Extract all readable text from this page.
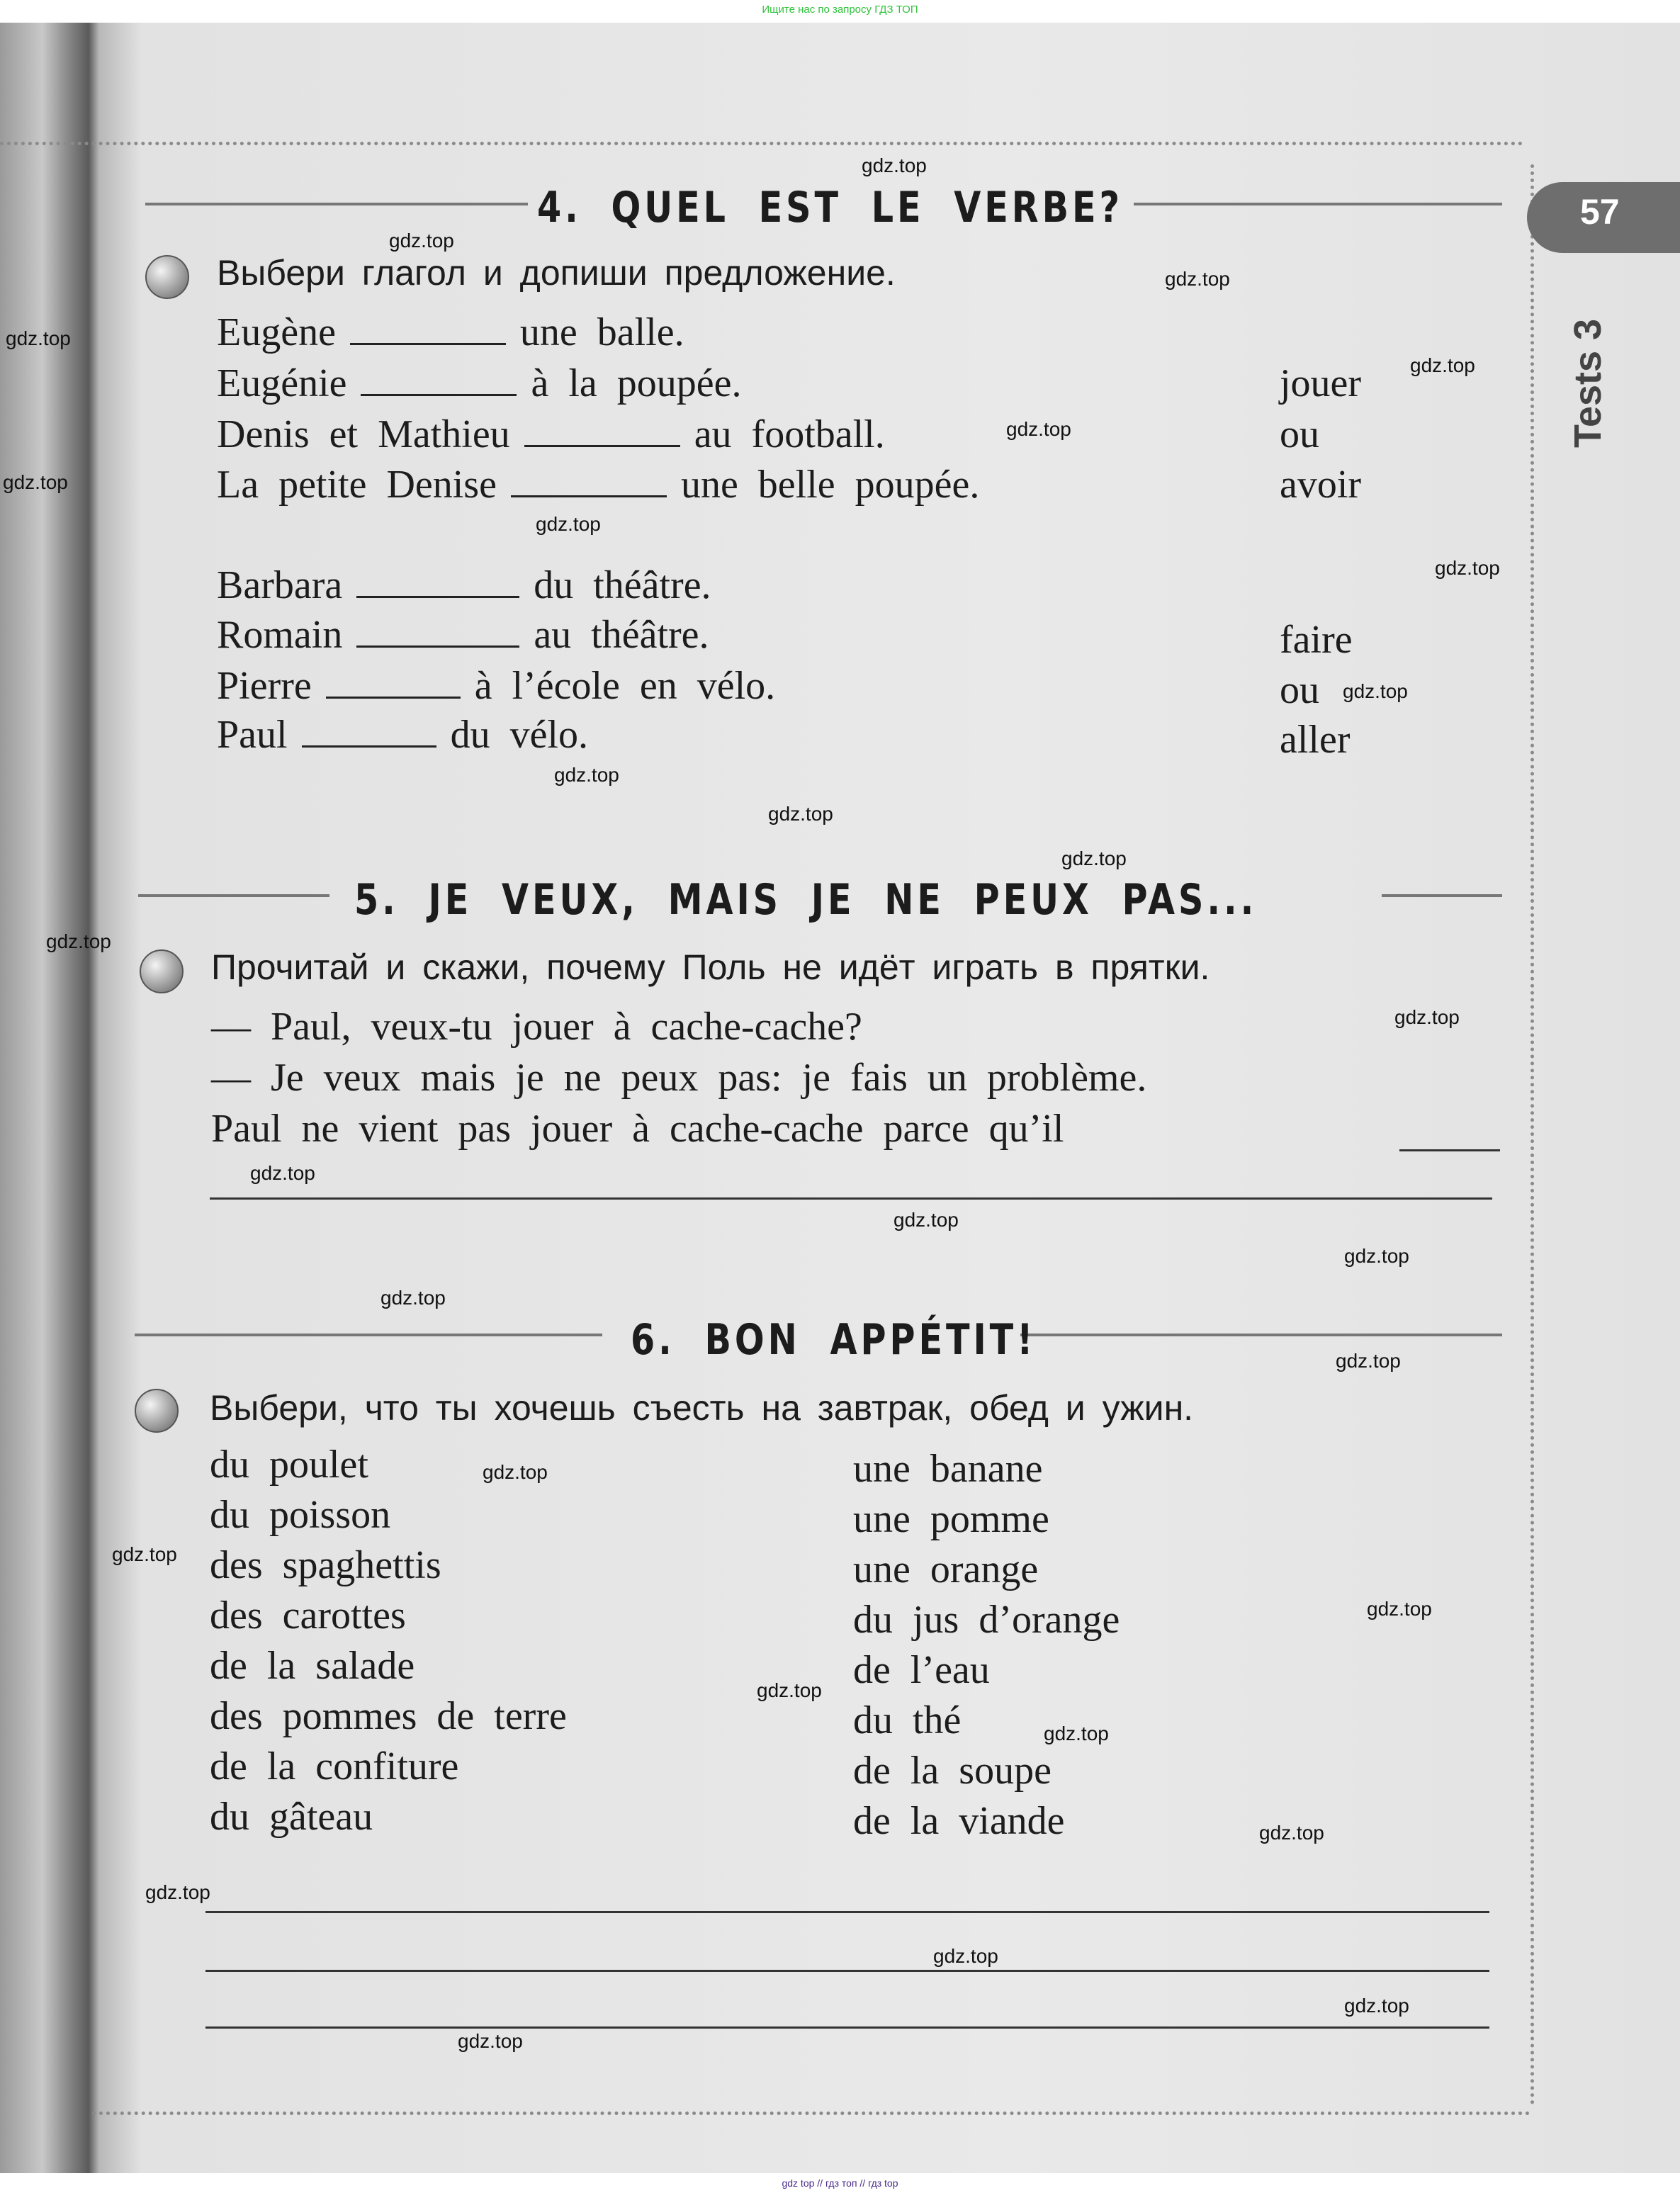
Ищите нас по запросу ГДЗ ТОП
57
Tests 3
4. QUEL EST LE VERBE?
Выбери глагол и допиши предложение.
Eugène	une balle.
Eugénie	à la poupée.
Denis et Mathieu	au football.
La petite Denise	une belle poupée.
Barbara	du théâtre.
Romain	au théâtre.
Pierre	à l’école en vélo.
Paul	du vélo.
jouer
ou
avoir
faire
ou
aller
5. JE VEUX, MAIS JE NE PEUX PAS...
Прочитай и скажи, почему Поль не идёт играть в прятки.
— Paul, veux-tu jouer à cache-cache?
— Je veux mais je ne peux pas: je fais un problème.
Paul ne vient pas jouer à cache-cache parce qu’il
6. BON APPÉTIT!
Выбери, что ты хочешь съесть на завтрак, обед и ужин.
du poulet
du poisson
des spaghettis
des carottes
de la salade
des pommes de terre
de la confiture
du gâteau
une banane
une pomme
une orange
du jus d’orange
de l’eau
du thé
de la soupe
de la viande
gdz.top
gdz.top
gdz.top
gdz.top
gdz.top
gdz.top
gdz.top
gdz.top
gdz.top
gdz.top
gdz.top
gdz.top
gdz.top
gdz.top
gdz.top
gdz.top
gdz.top
gdz.top
gdz.top
gdz.top
gdz.top
gdz.top
gdz.top
gdz.top
gdz.top
gdz.top
gdz.top
gdz.top
gdz.top
gdz.top
gdz top // гдз топ // гдз top
